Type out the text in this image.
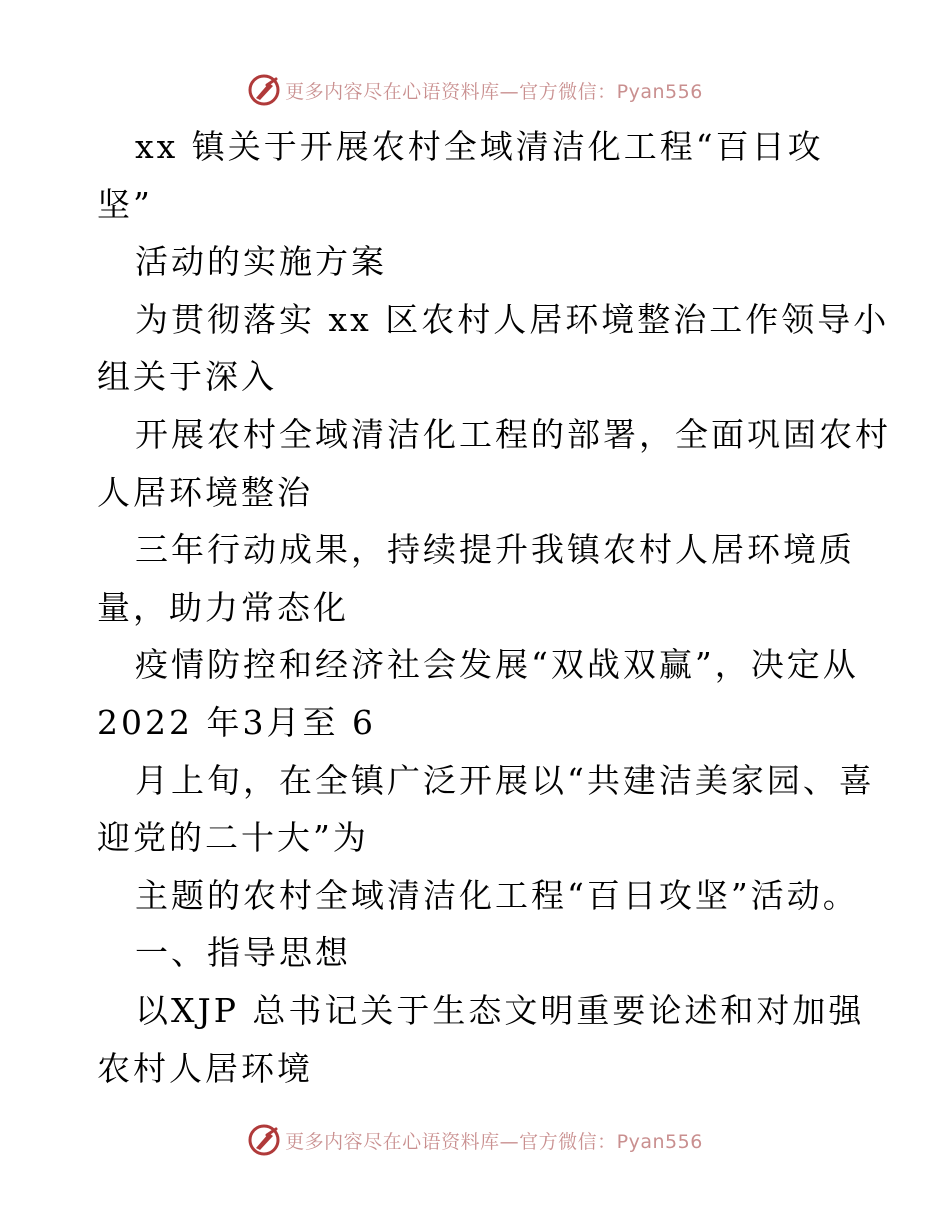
更多内容尽在心语资料库—官方微信：Pyan556
xx 镇关于开展农村全域清洁化工程“百日攻
坚”
活动的实施方案
为贯彻落实 xx 区农村人居环境整治工作领导小
组关于深入
开展农村全域清洁化工程的部署，全面巩固农村
人居环境整治
三年行动成果，持续提升我镇农村人居环境质
量，助力常态化
疫情防控和经济社会发展“双战双赢”，决定从
2022 年3月至 6
月上旬，在全镇广泛开展以“共建洁美家园、喜
迎党的二十大”为
主题的农村全域清洁化工程“百日攻坚”活动。
一、指导思想
以XJP 总书记关于生态文明重要论述和对加强
农村人居环境
更多内容尽在心语资料库—官方微信：Pyan556
